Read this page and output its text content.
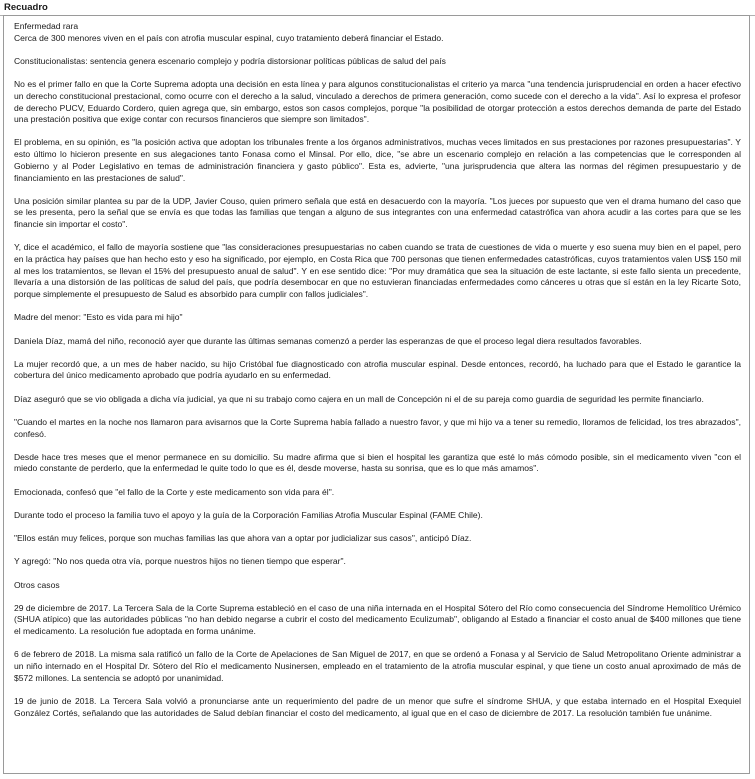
Recuadro

Enfermedad rara

Cerca de 300 menores viven en el país con atrofia muscular espinal, cuyo tratamiento deberá financiar el Estado.

Constitucionalistas: sentencia genera escenario complejo y podría distorsionar políticas públicas de salud del país

No es el primer fallo en que la Corte Suprema adopta una decisión en esta línea y para algunos constitucionalistas el criterio ya marca "una tendencia jurisprudencial en orden a hacer efectivo un derecho constitucional prestacional, como ocurre con el derecho a la salud, vinculado a derechos de primera generación, como sucede con el derecho a la vida". Así lo expresa el profesor de derecho PUCV, Eduardo Cordero, quien agrega que, sin embargo, estos son casos complejos, porque "la posibilidad de otorgar protección a estos derechos demanda de parte del Estado una prestación positiva que exige contar con recursos financieros que siempre son limitados".

El problema, en su opinión, es "la posición activa que adoptan los tribunales frente a los órganos administrativos, muchas veces limitados en sus prestaciones por razones presupuestarias". Y esto último lo hicieron presente en sus alegaciones tanto Fonasa como el Minsal. Por ello, dice, "se abre un escenario complejo en relación a las competencias que le corresponden al Gobierno y al Poder Legislativo en temas de administración financiera y gasto público". Esta es, advierte, "una jurisprudencia que altera las normas del régimen presupuestario y de financiamiento en las prestaciones de salud".

Una posición similar plantea su par de la UDP, Javier Couso, quien primero señala que está en desacuerdo con la mayoría. "Los jueces por supuesto que ven el drama humano del caso que se les presenta, pero la señal que se envía es que todas las familias que tengan a alguno de sus integrantes con una enfermedad catastrófica van ahora acudir a las cortes para que se les financie sin importar el costo".

Y, dice el académico, el fallo de mayoría sostiene que "las consideraciones presupuestarias no caben cuando se trata de cuestiones de vida o muerte y eso suena muy bien en el papel, pero en la práctica hay países que han hecho esto y eso ha significado, por ejemplo, en Costa Rica que 700 personas que tienen enfermedades catastróficas, cuyos tratamientos valen US$ 150 mil al mes los tratamientos, se llevan el 15% del presupuesto anual de salud". Y en ese sentido dice: "Por muy dramática que sea la situación de este lactante, si este fallo sienta un precedente, llevaría a una distorsión de las políticas de salud del país, que podría desembocar en que no estuvieran financiadas enfermedades como cánceres u otras que sí están en la ley Ricarte Soto, porque simplemente el presupuesto de Salud es absorbido para cumplir con fallos judiciales".

Madre del menor: "Esto es vida para mi hijo"

Daniela Díaz, mamá del niño, reconoció ayer que durante las últimas semanas comenzó a perder las esperanzas de que el proceso legal diera resultados favorables.

La mujer recordó que, a un mes de haber nacido, su hijo Cristóbal fue diagnosticado con atrofia muscular espinal. Desde entonces, recordó, ha luchado para que el Estado le garantice la cobertura del único medicamento aprobado que podría ayudarlo en su enfermedad.

Díaz aseguró que se vio obligada a dicha vía judicial, ya que ni su trabajo como cajera en un mall de Concepción ni el de su pareja como guardia de seguridad les permite financiarlo.

"Cuando el martes en la noche nos llamaron para avisarnos que la Corte Suprema había fallado a nuestro favor, y que mi hijo va a tener su remedio, lloramos de felicidad, los tres abrazados", confesó.

Desde hace tres meses que el menor permanece en su domicilio. Su madre afirma que si bien el hospital les garantiza que esté lo más cómodo posible, sin el medicamento viven "con el miedo constante de perderlo, que la enfermedad le quite todo lo que es él, desde moverse, hasta su sonrisa, que es lo que más amamos".

Emocionada, confesó que "el fallo de la Corte y este medicamento son vida para él".

Durante todo el proceso la familia tuvo el apoyo y la guía de la Corporación Familias Atrofia Muscular Espinal (FAME Chile).

"Ellos están muy felices, porque son muchas familias las que ahora van a optar por judicializar sus casos", anticipó Díaz.

Y agregó: "No nos queda otra vía, porque nuestros hijos no tienen tiempo que esperar".

Otros casos

29 de diciembre de 2017. La Tercera Sala de la Corte Suprema estableció en el caso de una niña internada en el Hospital Sótero del Río como consecuencia del Síndrome Hemolítico Urémico (SHUA atípico) que las autoridades públicas "no han debido negarse a cubrir el costo del medicamento Eculizumab", obligando al Estado a financiar el costo anual de $400 millones que tiene el medicamento. La resolución fue adoptada en forma unánime.

6 de febrero de 2018. La misma sala ratificó un fallo de la Corte de Apelaciones de San Miguel de 2017, en que se ordenó a Fonasa y al Servicio de Salud Metropolitano Oriente administrar a un niño internado en el Hospital Dr. Sótero del Río el medicamento Nusinersen, empleado en el tratamiento de la atrofia muscular espinal, y que tiene un costo anual aproximado de más de $572 millones. La sentencia se adoptó por unanimidad.

19 de junio de 2018. La Tercera Sala volvió a pronunciarse ante un requerimiento del padre de un menor que sufre el síndrome SHUA, y que estaba internado en el Hospital Exequiel González Cortés, señalando que las autoridades de Salud debían financiar el costo del medicamento, al igual que en el caso de diciembre de 2017. La resolución también fue unánime.
